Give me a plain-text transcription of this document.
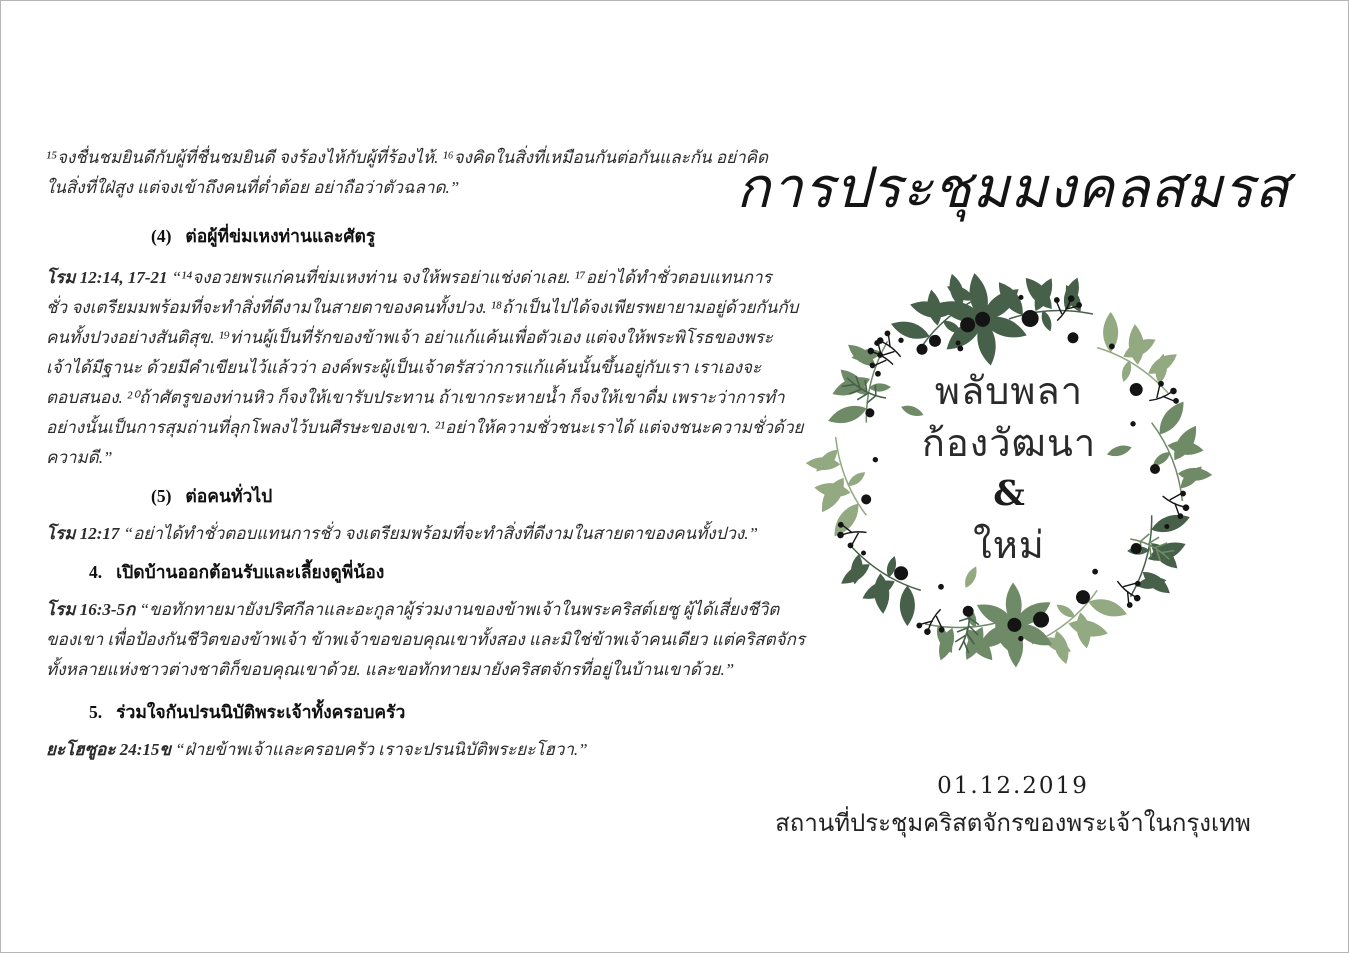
¹⁵จงชื่นชมยินดีกับผู้ที่ชื่นชมยินดี จงร้องไห้กับผู้ที่ร้องไห้. ¹⁶จงคิดในสิ่งที่เหมือนกันต่อกันและกัน อย่าคิด
ในสิ่งที่ใฝ่สูง แต่จงเข้าถึงคนที่ต่ำต้อย อย่าถือว่าตัวฉลาด.”
(4) ต่อผู้ที่ข่มเหงท่านและศัตรู
โรม 12:14, 17-21 “¹⁴จงอวยพรแก่คนที่ข่มเหงท่าน จงให้พรอย่าแช่งด่าเลย. ¹⁷อย่าได้ทำชั่วตอบแทนการ
ชั่ว จงเตรียมมพร้อมที่จะทำสิ่งที่ดีงามในสายตาของคนทั้งปวง. ¹⁸ถ้าเป็นไปได้จงเพียรพยายามอยู่ด้วยกันกับ
คนทั้งปวงอย่างสันติสุข. ¹⁹ท่านผู้เป็นที่รักของข้าพเจ้า อย่าแก้แค้นเพื่อตัวเอง แต่จงให้พระพิโรธของพระ
เจ้าได้มีฐานะ ด้วยมีคำเขียนไว้แล้วว่า องค์พระผู้เป็นเจ้าตรัสว่าการแก้แค้นนั้นขึ้นอยู่กับเรา เราเองจะ
ตอบสนอง. ²⁰ถ้าศัตรูของท่านหิว ก็จงให้เขารับประทาน ถ้าเขากระหายน้ำ ก็จงให้เขาดื่ม เพราะว่าการทำ
อย่างนั้นเป็นการสุมถ่านที่ลุกโพลงไว้บนศีรษะของเขา. ²¹อย่าให้ความชั่วชนะเราได้ แต่จงชนะความชั่วด้วย
ความดี.”
(5) ต่อคนทั่วไป
โรม 12:17 “อย่าได้ทำชั่วตอบแทนการชั่ว จงเตรียมพร้อมที่จะทำสิ่งที่ดีงามในสายตาของคนทั้งปวง.”
4. เปิดบ้านออกต้อนรับและเลี้ยงดูพี่น้อง
โรม 16:3-5ก “ขอทักทายมายังปริศกีลาและอะกูลาผู้ร่วมงานของข้าพเจ้าในพระคริสต์เยซู ผู้ได้เสี่ยงชีวิต
ของเขา เพื่อป้องกันชีวิตของข้าพเจ้า ข้าพเจ้าขอขอบคุณเขาทั้งสอง และมิใช่ข้าพเจ้าคนเดียว แต่คริสตจักร
ทั้งหลายแห่งชาวต่างชาติก็ขอบคุณเขาด้วย. และขอทักทายมายังคริสตจักรที่อยู่ในบ้านเขาด้วย.”
5. ร่วมใจกันปรนนิบัติพระเจ้าทั้งครอบครัว
ยะโฮซูอะ 24:15ข “ฝ่ายข้าพเจ้าและครอบครัว เราจะปรนนิบัติพระยะโฮวา.”
การประชุมมงคลสมรส
พลับพลา
ก้องวัฒนา
&
ใหม่
01.12.2019
สถานที่ประชุมคริสตจักรของพระเจ้าในกรุงเทพ
